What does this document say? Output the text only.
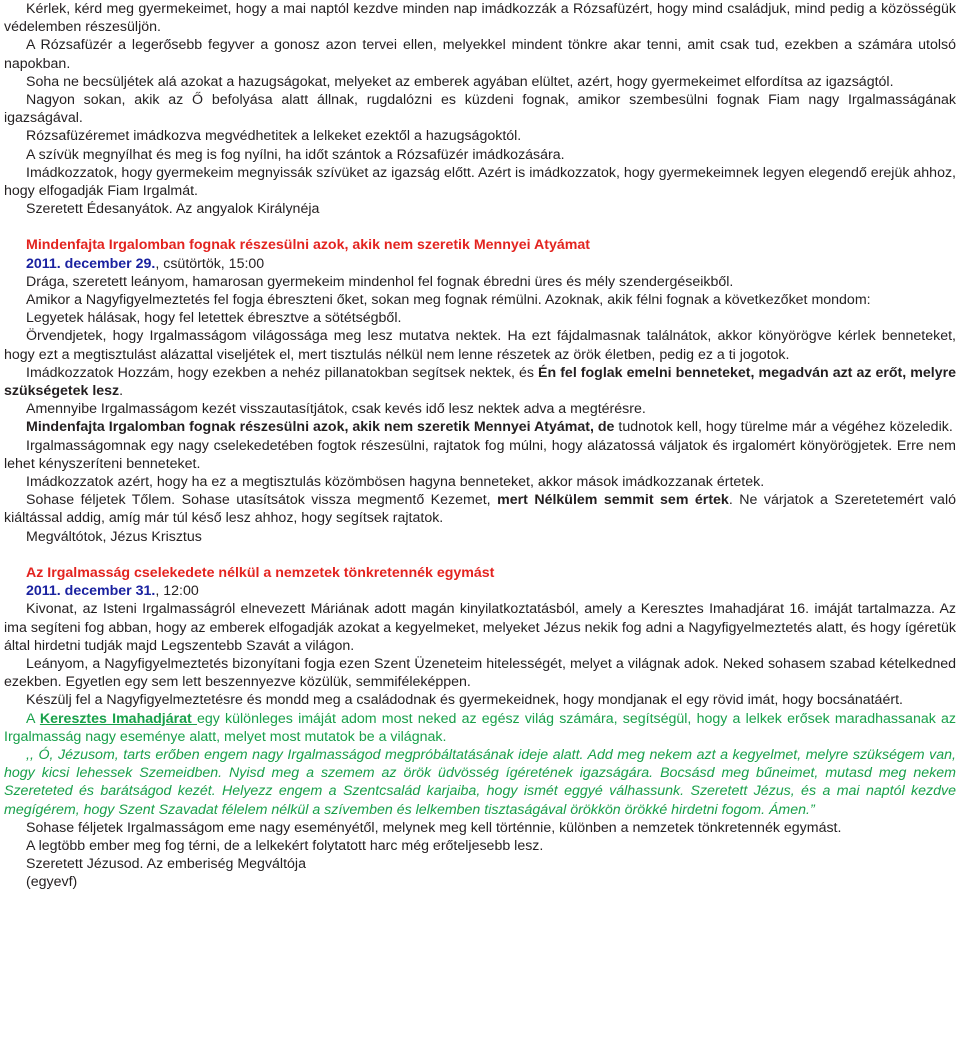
Kérlek, kérd meg gyermekeimet, hogy a mai naptól kezdve minden nap imádkozzák a Rózsafüzért, hogy mind családjuk, mind pedig a közösségük védelemben részesüljön.

A Rózsafüzér a legerősebb fegyver a gonosz azon tervei ellen, melyekkel mindent tönkre akar tenni, amit csak tud, ezekben a számára utolsó napokban.

Soha ne becsüljétek alá azokat a hazugságokat, melyeket az emberek agyában elültet, azért, hogy gyermekeimet elfordítsa az igazságtól.

Nagyon sokan, akik az Ő befolyása alatt állnak, rugdalózni es küzdeni fognak, amikor szembesülni fognak Fiam nagy Irgalmasságának igazságával.

Rózsafüzéremet imádkozva megvédhetitek a lelkeket ezektől a hazugságoktól.

A szívük megnyílhat és meg is fog nyílni, ha időt szántok a Rózsafüzér imádkozására.

Imádkozzatok, hogy gyermekeim megnyissák szívüket az igazság előtt. Azért is imádkozzatok, hogy gyermekeimnek legyen elegendő erejük ahhoz, hogy elfogadják Fiam Irgalmát.

Szeretett Édesanyátok. Az angyalok Királynéja

Mindenfajta Irgalomban fognak részesülni azok, akik nem szeretik Mennyei Atyámat

2011. december 29., csütörtök, 15:00

Drága, szeretett leányom, hamarosan gyermekeim mindenhol fel fognak ébredni üres és mély szendergéseikből.

Amikor a Nagyfigyelmeztetés fel fogja ébreszteni őket, sokan meg fognak rémülni. Azoknak, akik félni fognak a következőket mondom:

Legyetek hálásak, hogy fel letettek ébresztve a sötétségből.

Örvendjetek, hogy Irgalmasságom világossága meg lesz mutatva nektek. Ha ezt fájdalmasnak találnátok, akkor könyörögve kérlek benneteket, hogy ezt a megtisztulást alázattal viseljétek el, mert tisztulás nélkül nem lenne részetek az örök életben, pedig ez a ti jogotok.

Imádkozzatok Hozzám, hogy ezekben a nehéz pillanatokban segítsek nektek, és Én fel foglak emelni benneteket, megadván azt az erőt, melyre szükségetek lesz.

Amennyibe Irgalmasságom kezét visszautasítjátok, csak kevés idő lesz nektek adva a megtérésre.

Mindenfajta Irgalomban fognak részesülni azok, akik nem szeretik Mennyei Atyámat, de tudnotok kell, hogy türelme már a végéhez közeledik.

Irgalmasságomnak egy nagy cselekedetében fogtok részesülni, rajtatok fog múlni, hogy alázatossá váljatok és irgalomért könyörögjetek. Erre nem lehet kényszeríteni benneteket.

Imádkozzatok azért, hogy ha ez a megtisztulás közömbösen hagyna benneteket, akkor mások imádkozzanak értetek.

Sohase féljetek Tőlem. Sohase utasítsátok vissza megmentő Kezemet, mert Nélkülem semmit sem értek. Ne várjatok a Szeretetemért való kiáltással addig, amíg már túl késő lesz ahhoz, hogy segítsek rajtatok.

Megváltótok, Jézus Krisztus

Az Irgalmasság cselekedete nélkül a nemzetek tönkretennék egymást

2011. december 31., 12:00

Kivonat, az Isteni Irgalmasságról elnevezett Máriának adott magán kinyilatkoztatásból, amely a Keresztes Imahadjárat 16. imáját tartalmazza. Az ima segíteni fog abban, hogy az emberek elfogadják azokat a kegyelmeket, melyeket Jézus nekik fog adni a Nagyfigyelmeztetés alatt, és hogy ígéretük által hirdetni tudják majd Legszentebb Szavát a világon.

Leányom, a Nagyfigyelmeztetés bizonyítani fogja ezen Szent Üzeneteim hitelességét, melyet a világnak adok. Neked sohasem szabad kételkedned ezekben. Egyetlen egy sem lett beszennyezve közülük, semmiféleképpen.

Készülj fel a Nagyfigyelmeztetésre és mondd meg a családodnak és gyermekeidnek, hogy mondjanak el egy rövid imát, hogy bocsánatáért.

A Keresztes Imahadjárat egy különleges imáját adom most neked az egész világ számára, segítségül, hogy a lelkek erősek maradhassanak az Irgalmasság nagy eseménye alatt, melyet most mutatok be a világnak.

,, Ó, Jézusom, tarts erőben engem nagy Irgalmasságod megpróbáltatásának ideje alatt. Add meg nekem azt a kegyelmet, melyre szükségem van, hogy kicsi lehessek Szemeidben. Nyisd meg a szemem az örök üdvösség ígéretének igazságára. Bocsásd meg bűneimet, mutasd meg nekem Szereteted és barátságod kezét. Helyezz engem a Szentcsalád karjaiba, hogy ismét eggyé válhassunk. Szeretett Jézus, és a mai naptól kezdve megígérem, hogy Szent Szavadat félelem nélkül a szívemben és lelkemben tisztaságával örökkön örökké hirdetni fogom. Ámen.”

Sohase féljetek Irgalmasságom eme nagy eseményétől, melynek meg kell történnie, különben a nemzetek tönkretennék egymást.

A legtöbb ember meg fog térni, de a lelkekért folytatott harc még erőteljesebb lesz.

Szeretett Jézusod. Az emberiség Megváltója

(egyevf)
